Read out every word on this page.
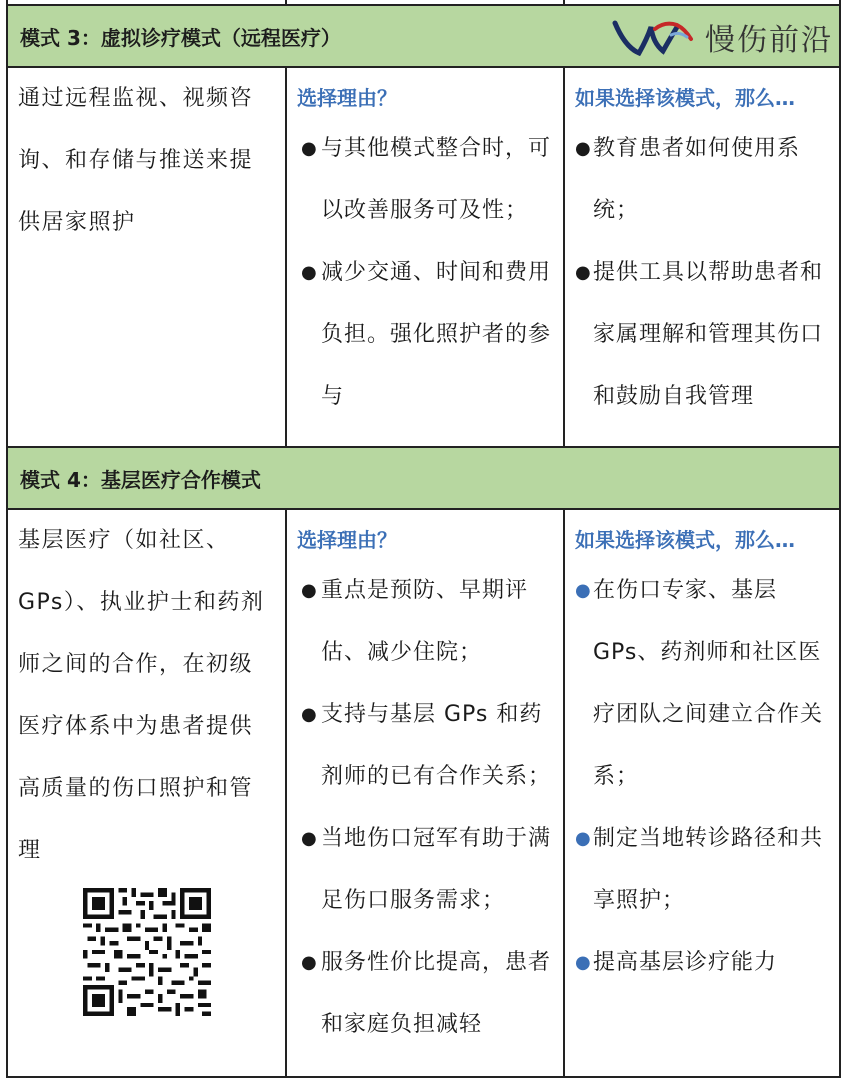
模式 3：虚拟诊疗模式（远程医疗）	慢伤前沿
通过远程监视、视频咨询、和存储与推送来提供居家照护
选择理由？
● 与其他模式整合时，可以改善服务可及性；
● 减少交通、时间和费用负担。强化照护者的参与
如果选择该模式，那么…
● 教育患者如何使用系统；
● 提供工具以帮助患者和家属理解和管理其伤口和鼓励自我管理
模式 4：基层医疗合作模式
基层医疗（如社区、GPs）、执业护士和药剂师之间的合作，在初级医疗体系中为患者提供高质量的伤口照护和管理
选择理由？
● 重点是预防、早期评估、减少住院；
● 支持与基层 GPs 和药剂师的已有合作关系；
● 当地伤口冠军有助于满足伤口服务需求；
● 服务性价比提高，患者和家庭负担减轻
如果选择该模式，那么…
● 在伤口专家、基层 GPs、药剂师和社区医疗团队之间建立合作关系；
● 制定当地转诊路径和共享照护；
● 提高基层诊疗能力
